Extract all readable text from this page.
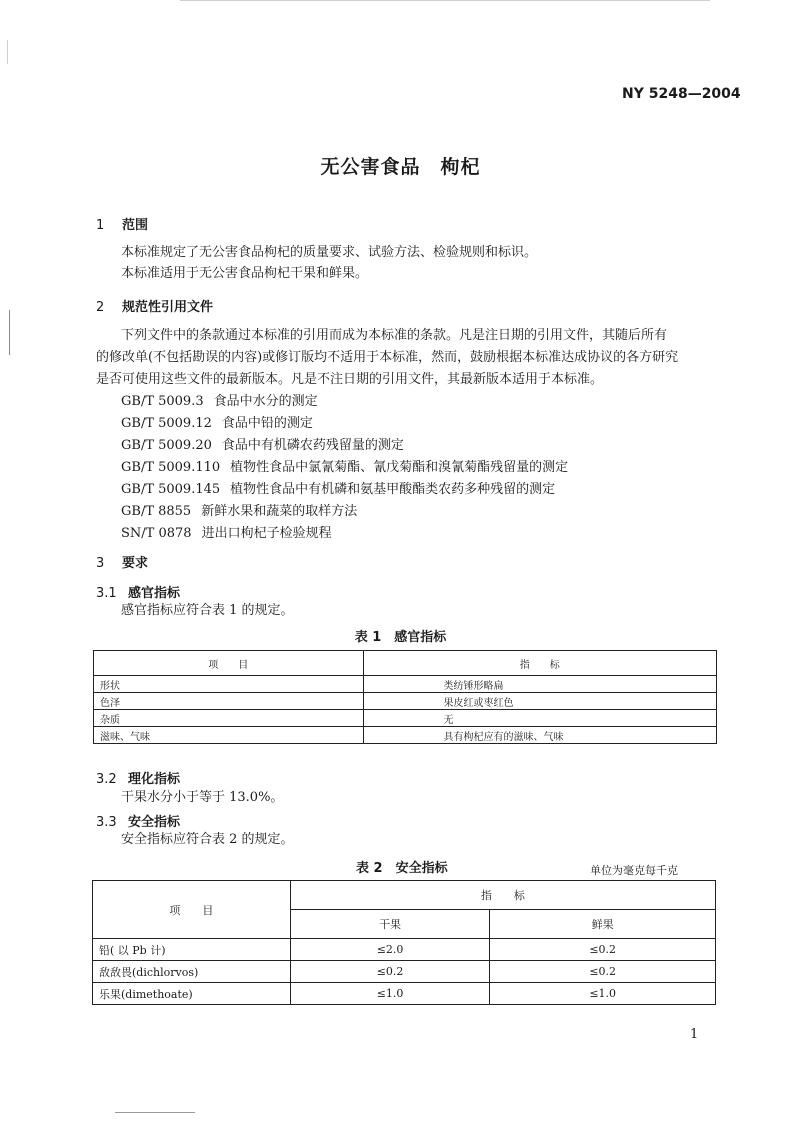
NY 5248—2004
无公害食品　枸杞
1 范围
本标准规定了无公害食品枸杞的质量要求、试验方法、检验规则和标识。
本标准适用于无公害食品枸杞干果和鲜果。
2 规范性引用文件
下列文件中的条款通过本标准的引用而成为本标准的条款。凡是注日期的引用文件，其随后所有
的修改单(不包括勘误的内容)或修订版均不适用于本标准，然而，鼓励根据本标准达成协议的各方研究
是否可使用这些文件的最新版本。凡是不注日期的引用文件，其最新版本适用于本标准。
GB/T 5009.3 食品中水分的测定
GB/T 5009.12 食品中铅的测定
GB/T 5009.20 食品中有机磷农药残留量的测定
GB/T 5009.110 植物性食品中氯氰菊酯、氰戊菊酯和溴氰菊酯残留量的测定
GB/T 5009.145 植物性食品中有机磷和氨基甲酸酯类农药多种残留的测定
GB/T 8855 新鲜水果和蔬菜的取样方法
SN/T 0878 进出口枸杞子检验规程
3 要求
3.1 感官指标
感官指标应符合表 1 的规定。
表 1　感官指标
项　　目	指　　标
形状	类纺锤形略扁
色泽	果皮红或枣红色
杂质	无
滋味、气味	具有枸杞应有的滋味、气味
3.2 理化指标
干果水分小于等于 13.0%。
3.3 安全指标
安全指标应符合表 2 的规定。
表 2　安全指标	单位为毫克每千克
项　　目	指　　标	
	干果	鲜果
铅( 以 Pb 计)	≤2.0	≤0.2
敌敌畏(dichlorvos)	≤0.2	≤0.2
乐果(dimethoate)	≤1.0	≤1.0
1
